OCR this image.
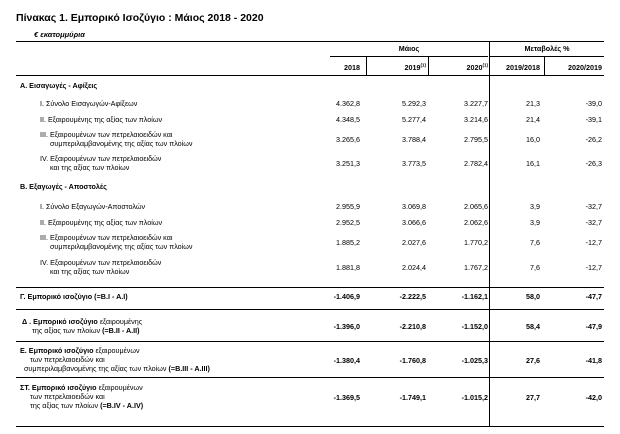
Πίνακας 1. Εμπορικό Ισοζύγιο : Μάιος 2018 - 2020
€ εκατομμύρια
Μάιος	Μεταβολές %
2018	2019$^{(1)}$	2020$^{(1)}$	2019/2018	2020/2019
Α. Εισαγωγές - Αφίξεις
I. Σύνολο Εισαγωγών-Αφίξεων	4.362,8	5.292,3	3.227,7	21,3	-39,0
II. Εξαιρουμένης της αξίας των πλοίων	4.348,5	5.277,4	3.214,6	21,4	-39,1
III. Εξαιρουμένων των πετρελαιοειδών και
συμπεριλαμβανομένης της αξίας των πλοίων	3.265,6	3.788,4	2.795,5	16,0	-26,2
IV. Εξαιρουμένων των πετρελαιοειδών
και της αξίας των πλοίων	3.251,3	3.773,5	2.782,4	16,1	-26,3
Β. Εξαγωγές - Αποστολές
I. Σύνολο Εξαγωγών-Αποστολών	2.955,9	3.069,8	2.065,6	3,9	-32,7
II. Εξαιρουμένης της αξίας των πλοίων	2.952,5	3.066,6	2.062,6	3,9	-32,7
III. Εξαιρουμένων των πετρελαιοειδών και
συμπεριλαμβανομένης της αξίας των πλοίων	1.885,2	2.027,6	1.770,2	7,6	-12,7
IV. Εξαιρουμένων των πετρελαιοειδών
και της αξίας των πλοίων	1.881,8	2.024,4	1.767,2	7,6	-12,7
Γ. Εμπορικό ισοζύγιο (=Β.Ι - Α.Ι)	-1.406,9	-2.222,5	-1.162,1	58,0	-47,7
Δ . Εμπορικό ισοζύγιο εξαιρουμένης
της αξίας των πλοίων (=Β.ΙΙ - Α.ΙΙ)	-1.396,0	-2.210,8	-1.152,0	58,4	-47,9
Ε. Εμπορικό ισοζύγιο εξαιρουμένων
των πετρελαιοειδών και
συμπεριλαμβανομένης της αξίας των πλοίων (=Β.ΙΙΙ - Α.ΙΙΙ)
-1.380,4	-1.760,8	-1.025,3	27,6	-41,8
ΣΤ. Εμπορικό ισοζύγιο εξαιρουμένων
των πετρελαιοειδών και
της αξίας των πλοίων (=Β.IV - A.IV)
-1.369,5	-1.749,1	-1.015,2	27,7	-42,0
